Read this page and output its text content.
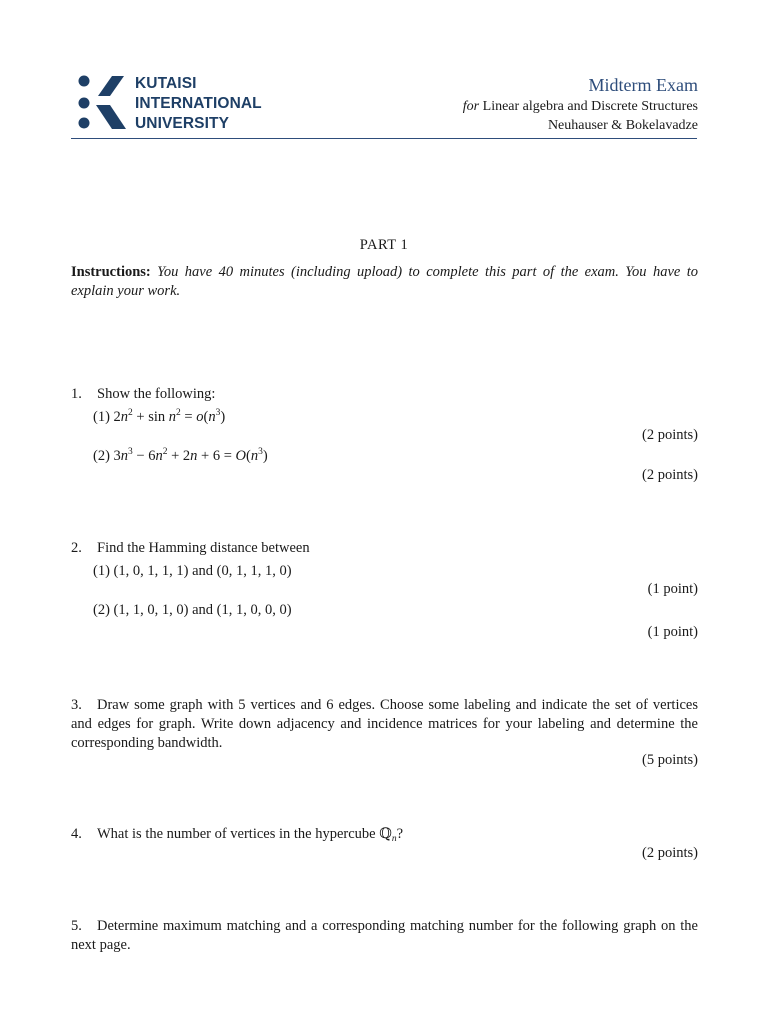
KUTAISI
INTERNATIONAL
UNIVERSITY
Midterm Exam
for Linear algebra and Discrete Structures
Neuhauser & Bokelavadze
PART 1
Instructions: You have 40 minutes (including upload) to complete this part of the exam. You have to explain your work.
1. Show the following:
(1) $2n^2 + \sin n^2 = o(n^3)$
(2 points)
(2) $3n^3 - 6n^2 + 2n + 6 = O(n^3)$
(2 points)
2. Find the Hamming distance between
(1) (1, 0, 1, 1, 1) and (0, 1, 1, 1, 0)
(1 point)
(2) (1, 1, 0, 1, 0) and (1, 1, 0, 0, 0)
(1 point)
3. Draw some graph with 5 vertices and 6 edges. Choose some labeling and indicate the set of vertices and edges for graph. Write down adjacency and incidence matrices for your labeling and determine the corresponding bandwidth.
(5 points)
4. What is the number of vertices in the hypercube ℚ$_n$?
(2 points)
5. Determine maximum matching and a corresponding matching number for the following graph on the next page.
